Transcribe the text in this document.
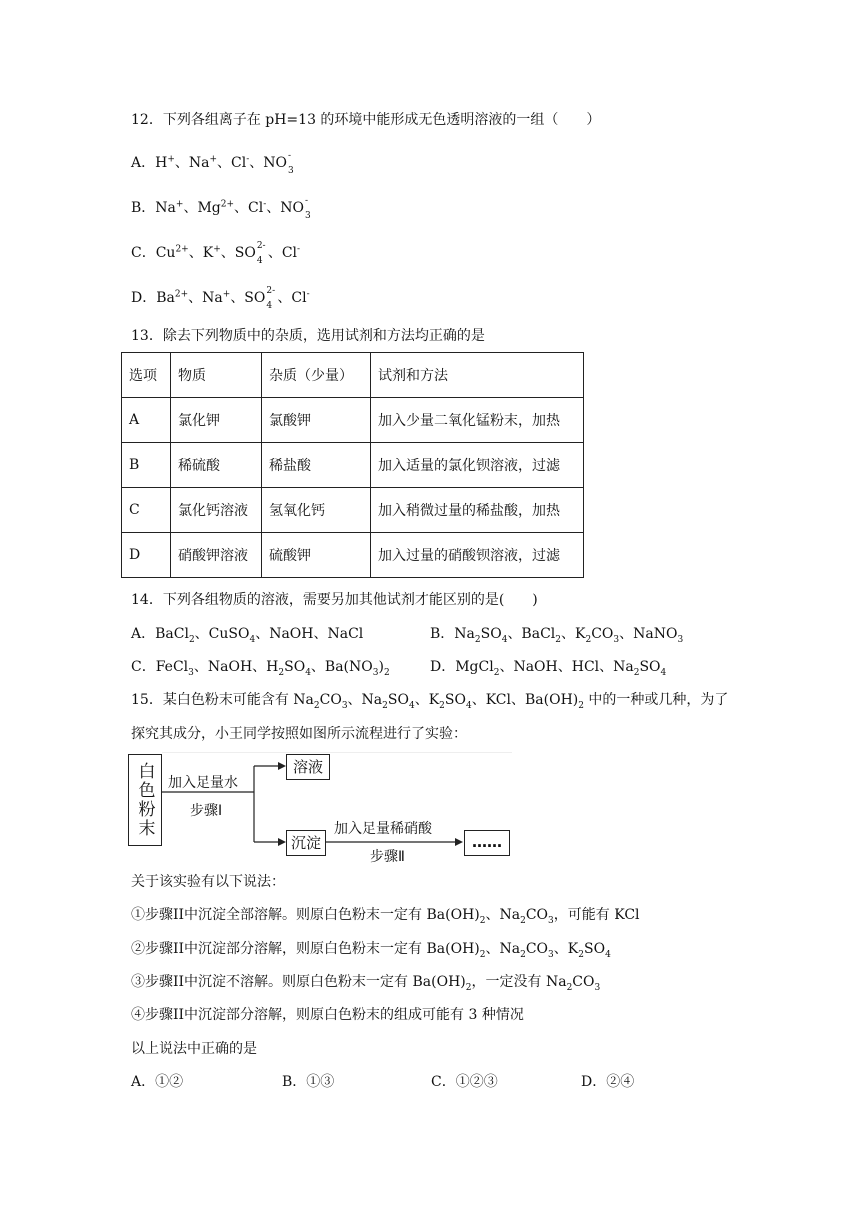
12．下列各组离子在 pH=13 的环境中能形成无色透明溶液的一组（　　）
A．H+、Na+、Cl-、NO -
3
B．Na+、$Mg^{2+}$、Cl-、NO -
3
C．$Cu^{2+}$、K+、SO 2-
4 、Cl-
D．$Ba^{2+}$、Na+、SO 2-
4 、Cl-
13．除去下列物质中的杂质，选用试剂和方法均正确的是
选项	物质	杂质（少量）	试剂和方法
A	氯化钾	氯酸钾	加入少量二氧化锰粉末，加热
B	稀硫酸	稀盐酸	加入适量的氯化钡溶液，过滤
C	氯化钙溶液	氢氧化钙	加入稍微过量的稀盐酸，加热
D	硝酸钾溶液	硫酸钾	加入过量的硝酸钡溶液，过滤
14．下列各组物质的溶液，需要另加其他试剂才能区别的是(　　)
A．BaCl$_2$、CuSO$_4$、NaOH、NaCl	B．$Na_2SO_4$、BaCl$_2$、$K_2CO_3$、NaNO$_3$
C．FeCl$_3$、NaOH、$H_2SO_4$、$Ba(NO_3)_2$	D．MgCl$_2$、NaOH、HCl、$Na_2SO_4$
15．某白色粉末可能含有 $Na_2CO_3$、$Na_2SO_4$、$K_2SO_4$、KCl、$Ba(OH)_2$ 中的一种或几种，为了
探究其成分，小王同学按照如图所示流程进行了实验：
白色粉末 加入足量水
步骤Ⅰ
溶液
沉淀
加入足量稀硝酸
步骤Ⅱ
……
关于该实验有以下说法：
①步骤II中沉淀全部溶解。则原白色粉末一定有 $Ba(OH)_2$、$Na_2CO_3$，可能有 KCl
②步骤II中沉淀部分溶解，则原白色粉末一定有 $Ba(OH)_2$、$Na_2CO_3$、$K_2SO_4$
③步骤II中沉淀不溶解。则原白色粉末一定有 $Ba(OH)_2$，一定没有 $Na_2CO_3$
④步骤II中沉淀部分溶解，则原白色粉末的组成可能有 3 种情况
以上说法中正确的是
A．①②	B．①③	C．①②③	D．②④
